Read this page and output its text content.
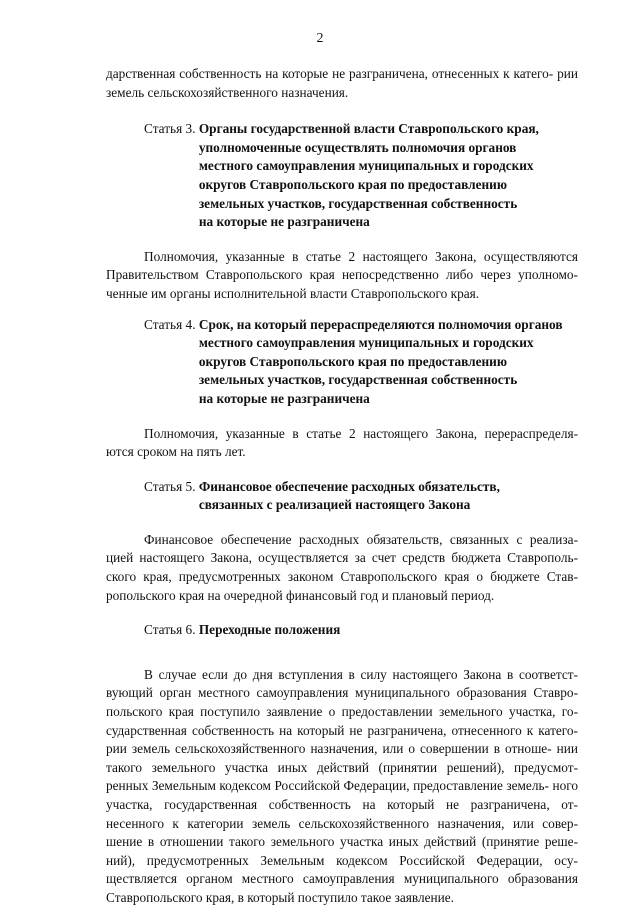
2

дарственная собственность на которые не разграничена, отнесенных к катего- рии земель сельскохозяйственного назначения.

Статья 3. Органы государственной власти Ставропольского края,
уполномоченные осуществлять полномочия органов
местного самоуправления муниципальных и городских
округов Ставропольского края по предоставлению
земельных участков, государственная собственность
на которые не разграничена

Полномочия, указанные в статье 2 настоящего Закона, осуществляются Правительством Ставропольского края непосредственно либо через уполномо- ченные им органы исполнительной власти Ставропольского края.

Статья 4. Срок, на который перераспределяются полномочия органов
местного самоуправления муниципальных и городских
округов Ставропольского края по предоставлению
земельных участков, государственная собственность
на которые не разграничена

Полномочия, указанные в статье 2 настоящего Закона, перераспределя- ются сроком на пять лет.

Статья 5. Финансовое обеспечение расходных обязательств,
связанных с реализацией настоящего Закона

Финансовое обеспечение расходных обязательств, связанных с реализа- цией настоящего Закона, осуществляется за счет средств бюджета Ставрополь- ского края, предусмотренных законом Ставропольского края о бюджете Став- ропольского края на очередной финансовый год и плановый период.

Статья 6. Переходные положения

В случае если до дня вступления в силу настоящего Закона в соответст- вующий орган местного самоуправления муниципального образования Ставро- польского края поступило заявление о предоставлении земельного участка, го- сударственная собственность на который не разграничена, отнесенного к катего- рии земель сельскохозяйственного назначения, или о совершении в отноше- нии такого земельного участка иных действий (принятии решений), предусмот- ренных Земельным кодексом Российской Федерации, предоставление земель- ного участка, государственная собственность на который не разграничена, от- несенного к категории земель сельскохозяйственного назначения, или совер- шение в отношении такого земельного участка иных действий (принятие реше- ний), предусмотренных Земельным кодексом Российской Федерации, осу- ществляется органом местного самоуправления муниципального образования Ставропольского края, в который поступило такое заявление.
